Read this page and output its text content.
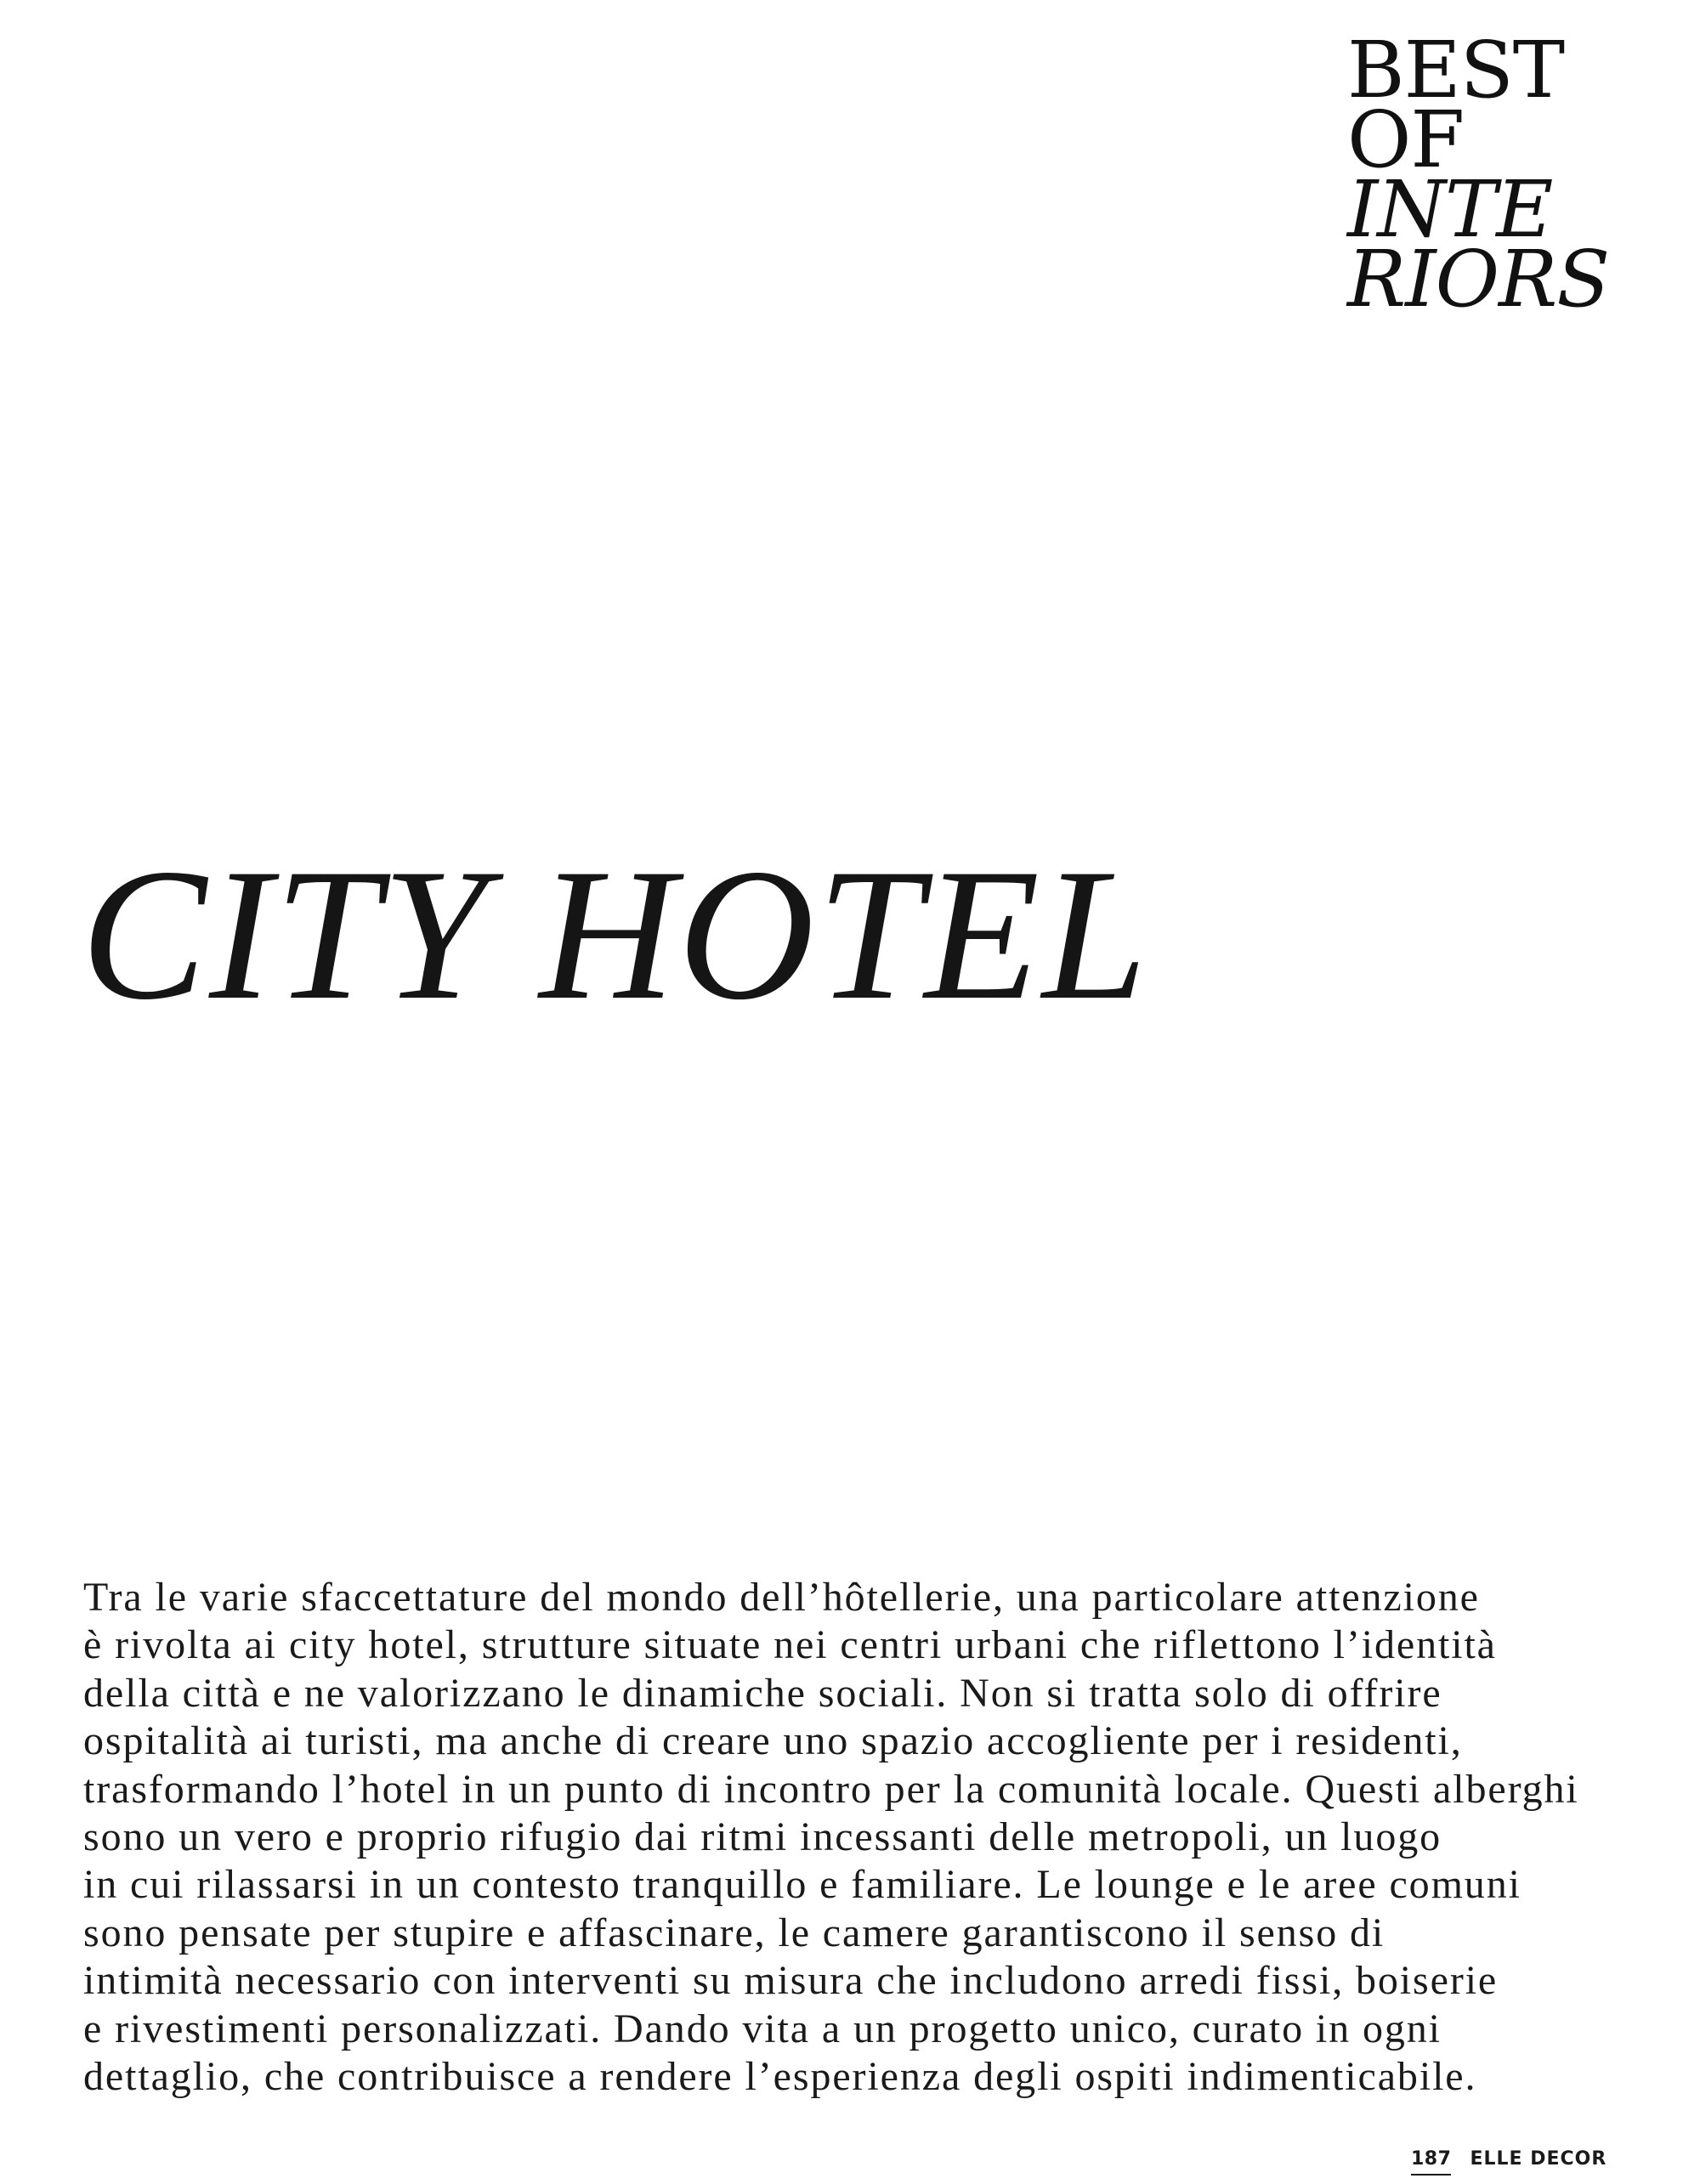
BEST
OF
INTE
RIORS
CITY HOTEL
Tra le varie sfaccettature del mondo dell’hôtellerie, una particolare attenzione
è rivolta ai city hotel, strutture situate nei centri urbani che riflettono l’identità
della città e ne valorizzano le dinamiche sociali. Non si tratta solo di offrire
ospitalità ai turisti, ma anche di creare uno spazio accogliente per i residenti,
trasformando l’hotel in un punto di incontro per la comunità locale. Questi alberghi
sono un vero e proprio rifugio dai ritmi incessanti delle metropoli, un luogo
in cui rilassarsi in un contesto tranquillo e familiare. Le lounge e le aree comuni
sono pensate per stupire e affascinare, le camere garantiscono il senso di
intimità necessario con interventi su misura che includono arredi fissi, boiserie
e rivestimenti personalizzati. Dando vita a un progetto unico, curato in ogni
dettaglio, che contribuisce a rendere l’esperienza degli ospiti indimenticabile.
187 ELLE DECOR
